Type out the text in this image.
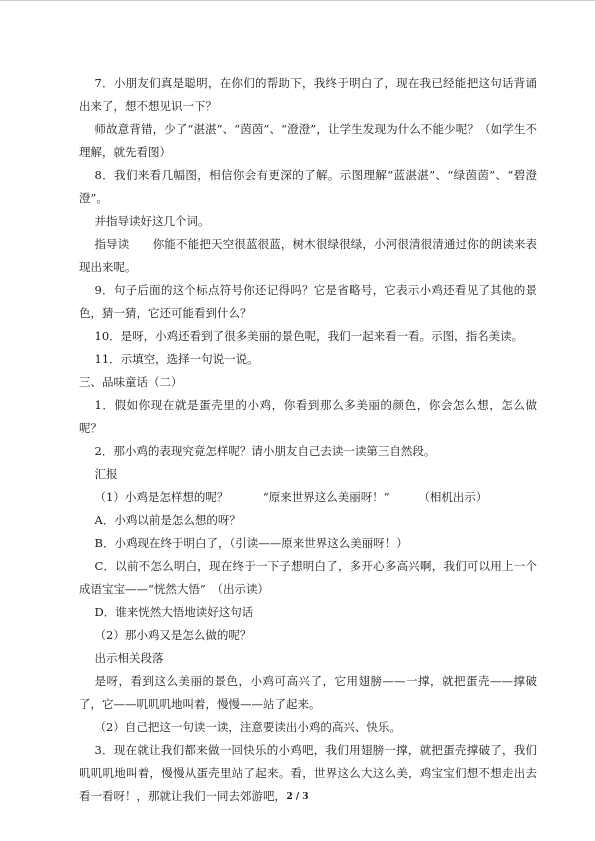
7．小朋友们真是聪明，在你们的帮助下，我终于明白了，现在我已经能把这句话背诵出来了，想不想见识一下？

师故意背错，少了“湛湛”、“茵茵”、“澄澄”，让学生发现为什么不能少呢？（如学生不理解，就先看图）

8．我们来看几幅图，相信你会有更深的了解。示图理解“蓝湛湛”、“绿茵茵”、“碧澄澄”。

并指导读好这几个词。

指导读　　你能不能把天空很蓝很蓝，树木很绿很绿，小河很清很清通过你的朗读来表现出来呢。

9．句子后面的这个标点符号你还记得吗？它是省略号，它表示小鸡还看见了其他的景色，猜一猜，它还可能看到什么？

10．是呀，小鸡还看到了很多美丽的景色呢，我们一起来看一看。示图，指名美读。

11．示填空，选择一句说一说。

三、品味童话（二）

1．假如你现在就是蛋壳里的小鸡，你看到那么多美丽的颜色，你会怎么想，怎么做呢？

2．那小鸡的表现究竟怎样呢？请小朋友自己去读一读第三自然段。

汇报

（1）小鸡是怎样想的呢？　　　“原来世界这么美丽呀！”　　　（相机出示）

A．小鸡以前是怎么想的呀？

B．小鸡现在终于明白了，（引读——原来世界这么美丽呀！）

C．以前不怎么明白，现在终于一下子想明白了，多开心多高兴啊，我们可以用上一个成语宝宝——“恍然大悟”　（出示读）

D．谁来恍然大悟地读好这句话

（2）那小鸡又是怎么做的呢？

出示相关段落

是呀，看到这么美丽的景色，小鸡可高兴了，它用翅膀——一撑，就把蛋壳——撑破了，它——叽叽叽地叫着，慢慢——站了起来。

（2）自己把这一句读一读，注意要读出小鸡的高兴、快乐。

3．现在就让我们都来做一回快乐的小鸡吧，我们用翅膀一撑，就把蛋壳撑破了，我们叽叽叽地叫着，慢慢从蛋壳里站了起来。看，世界这么大这么美，鸡宝宝们想不想走出去看一看呀！，那就让我们一同去郊游吧， 2 / 3
